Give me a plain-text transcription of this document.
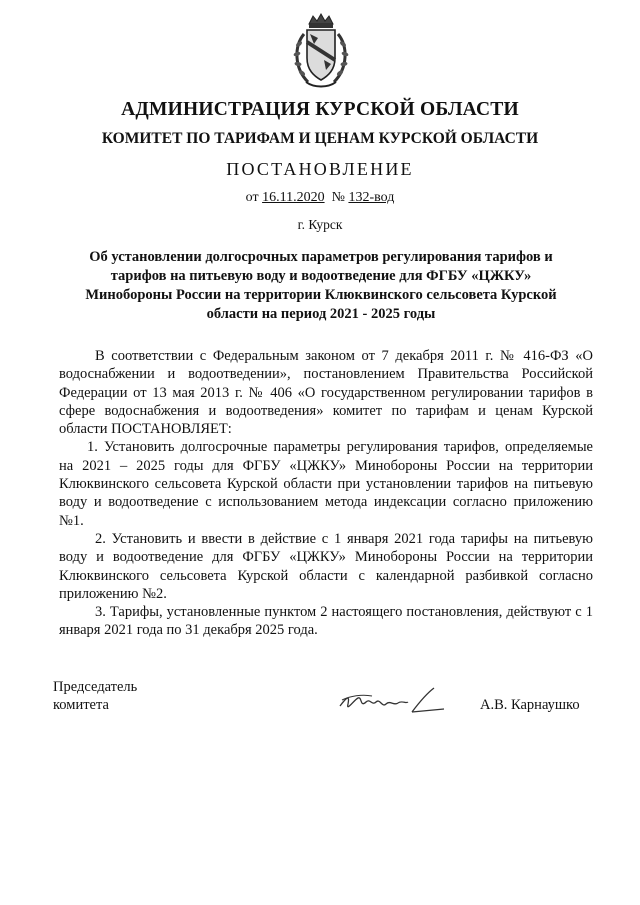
АДМИНИСТРАЦИЯ КУРСКОЙ ОБЛАСТИ
КОМИТЕТ ПО ТАРИФАМ И ЦЕНАМ КУРСКОЙ ОБЛАСТИ
ПОСТАНОВЛЕНИЕ
от 16.11.2020 № 132-вод
г. Курск
Об установлении долгосрочных параметров регулирования тарифов и тарифов на питьевую воду и водоотведение для ФГБУ «ЦЖКУ» Минобороны России на территории Клюквинского сельсовета Курской области на период 2021 - 2025 годы

В соответствии с Федеральным законом от 7 декабря 2011 г. № 416-ФЗ «О водоснабжении и водоотведении», постановлением Правительства Российской Федерации от 13 мая 2013 г. № 406 «О государственном регулировании тарифов в сфере водоснабжения и водоотведения» комитет по тарифам и ценам Курской области ПОСТАНОВЛЯЕТ:

1. Установить долгосрочные параметры регулирования тарифов, определяемые на 2021 – 2025 годы для ФГБУ «ЦЖКУ» Минобороны России на территории Клюквинского сельсовета Курской области при установлении тарифов на питьевую воду и водоотведение с использованием метода индексации согласно приложению №1.

2. Установить и ввести в действие с 1 января 2021 года тарифы на питьевую воду и водоотведение для ФГБУ «ЦЖКУ» Минобороны России на территории Клюквинского сельсовета Курской области с календарной разбивкой согласно приложению №2.

3. Тарифы, установленные пунктом 2 настоящего постановления, действуют с 1 января 2021 года по 31 декабря 2025 года.

Председатель
комитета	А.В. Карнаушко
